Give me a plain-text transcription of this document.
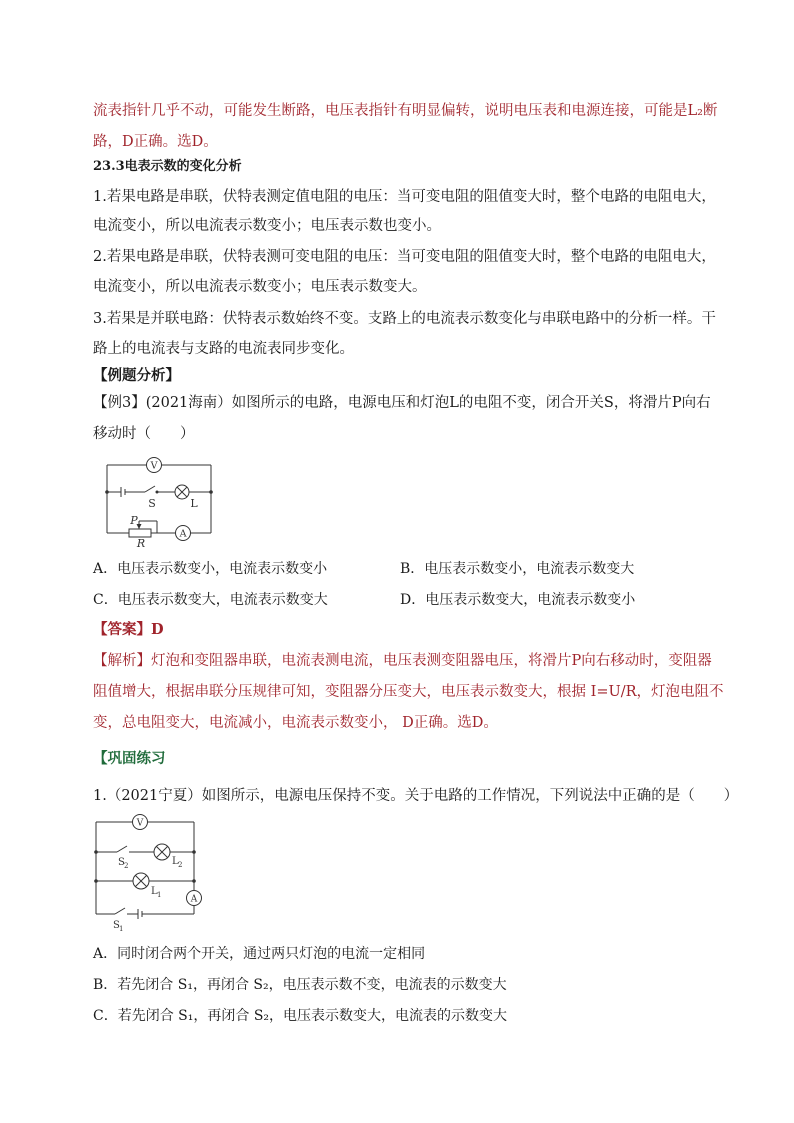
流表指针几乎不动，可能发生断路，电压表指针有明显偏转，说明电压表和电源连接，可能是L₂断
路，D正确。选D。
23.3电表示数的变化分析
1.若果电路是串联，伏特表测定值电阻的电压：当可变电阻的阻值变大时，整个电路的电阻电大，
电流变小，所以电流表示数变小；电压表示数也变小。
2.若果电路是串联，伏特表测可变电阻的电压：当可变电阻的阻值变大时，整个电路的电阻电大，
电流变小，所以电流表示数变小；电压表示数变大。
3.若果是并联电路：伏特表示数始终不变。支路上的电流表示数变化与串联电路中的分析一样。干
路上的电流表与支路的电流表同步变化。
【例题分析】
【例3】(2021海南）如图所示的电路，电源电压和灯泡L的电阻不变，闭合开关S，将滑片P向右
移动时（　　）
V
A
S	L
P
R
A．电压表示数变小，电流表示数变小	B．电压表示数变小，电流表示数变大
C．电压表示数变大，电流表示数变大	D．电压表示数变大，电流表示数变小
【答案】D
【解析】灯泡和变阻器串联，电流表测电流，电压表测变阻器电压，将滑片P向右移动时，变阻器
阻值增大，根据串联分压规律可知，变阻器分压变大，电压表示数变大，根据 I=U/R，灯泡电阻不
变，总电阻变大，电流减小，电流表示数变小， D正确。选D。
【巩固练习
1.（2021宁夏）如图所示，电源电压保持不变。关于电路的工作情况，下列说法中正确的是（　　）
V
A
S 2	L 2
L 1
S 1
A．同时闭合两个开关，通过两只灯泡的电流一定相同
B．若先闭合 S₁，再闭合 S₂，电压表示数不变，电流表的示数变大
C．若先闭合 S₁，再闭合 S₂，电压表示数变大，电流表的示数变大
